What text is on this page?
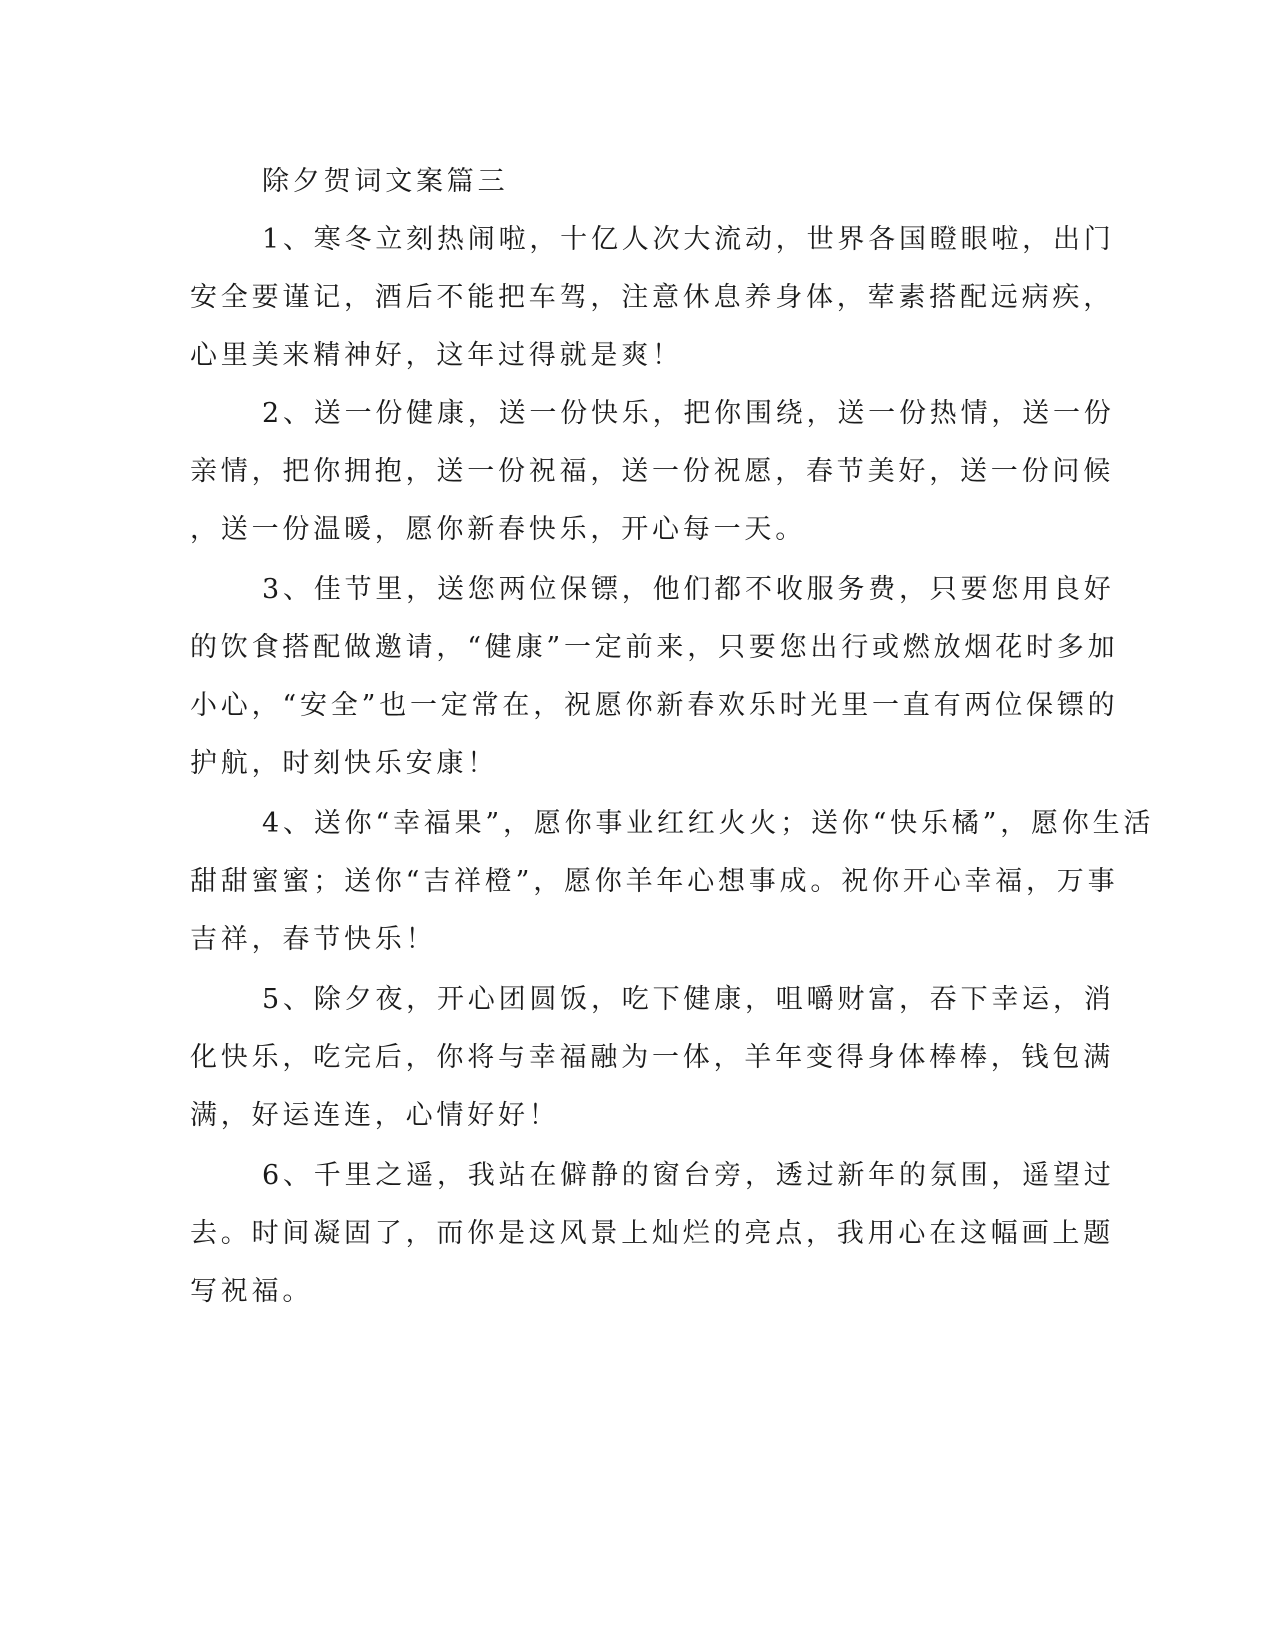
除夕贺词文案篇三
1、寒冬立刻热闹啦，十亿人次大流动，世界各国瞪眼啦，出门
安全要谨记，酒后不能把车驾，注意休息养身体，荤素搭配远病疾，
心里美来精神好，这年过得就是爽！
2、送一份健康，送一份快乐，把你围绕，送一份热情，送一份
亲情，把你拥抱，送一份祝福，送一份祝愿，春节美好，送一份问候
，送一份温暖，愿你新春快乐，开心每一天。
3、佳节里，送您两位保镖，他们都不收服务费，只要您用良好
的饮食搭配做邀请，“健康”一定前来，只要您出行或燃放烟花时多加
小心，“安全”也一定常在，祝愿你新春欢乐时光里一直有两位保镖的
护航，时刻快乐安康！
4、送你“幸福果”，愿你事业红红火火；送你“快乐橘”，愿你生活
甜甜蜜蜜；送你“吉祥橙”，愿你羊年心想事成。祝你开心幸福，万事
吉祥，春节快乐！
5、除夕夜，开心团圆饭，吃下健康，咀嚼财富，吞下幸运，消
化快乐，吃完后，你将与幸福融为一体，羊年变得身体棒棒，钱包满
满，好运连连，心情好好！
6、千里之遥，我站在僻静的窗台旁，透过新年的氛围，遥望过
去。时间凝固了，而你是这风景上灿烂的亮点，我用心在这幅画上题
写祝福。
